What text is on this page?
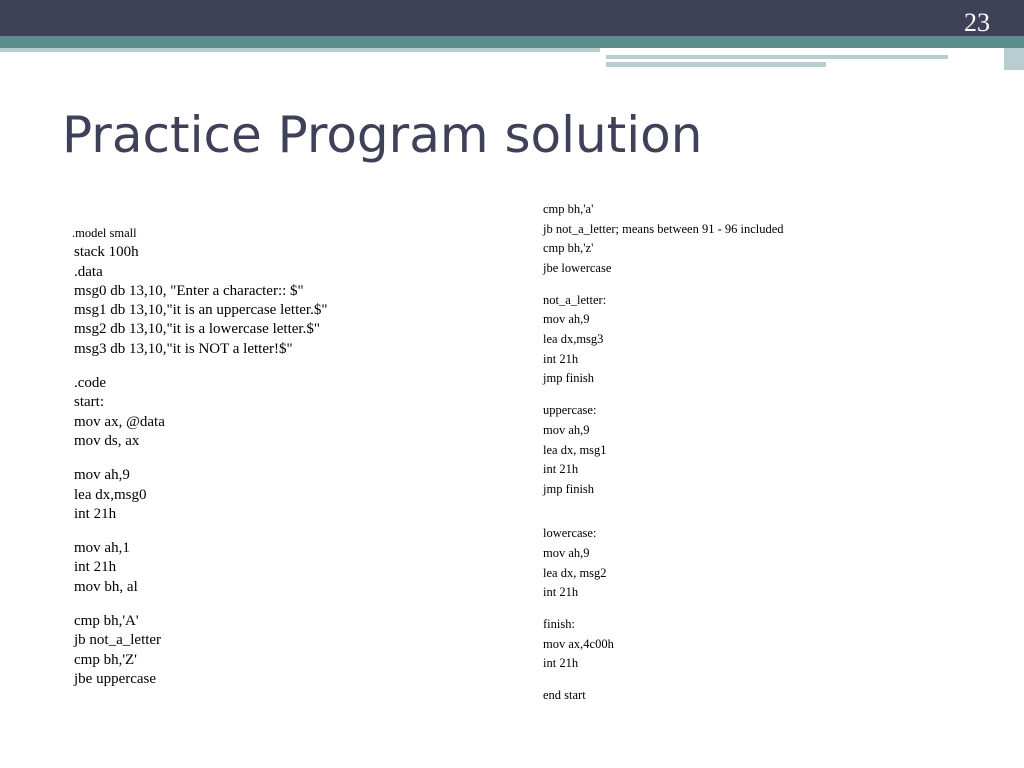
23
Practice Program solution
.model small
stack 100h
.data
msg0 db 13,10, "Enter a character:: $"
msg1 db 13,10,"it is an uppercase letter.$"
msg2 db 13,10,"it is a lowercase letter.$"
msg3 db 13,10,"it is NOT a letter!$"
.code
start:
mov ax, @data
mov ds, ax
mov ah,9
lea dx,msg0
int 21h
mov ah,1
int 21h
mov bh, al
cmp bh,'A'
jb not_a_letter
cmp bh,'Z'
jbe uppercase
cmp bh,'a'
jb not_a_letter; means between 91 - 96 included
cmp bh,'z'
jbe lowercase
not_a_letter:
mov ah,9
lea dx,msg3
int 21h
jmp finish
uppercase:
mov ah,9
lea dx, msg1
int 21h
jmp finish
lowercase:
mov ah,9
lea dx, msg2
int 21h
finish:
mov ax,4c00h
int 21h
end start
